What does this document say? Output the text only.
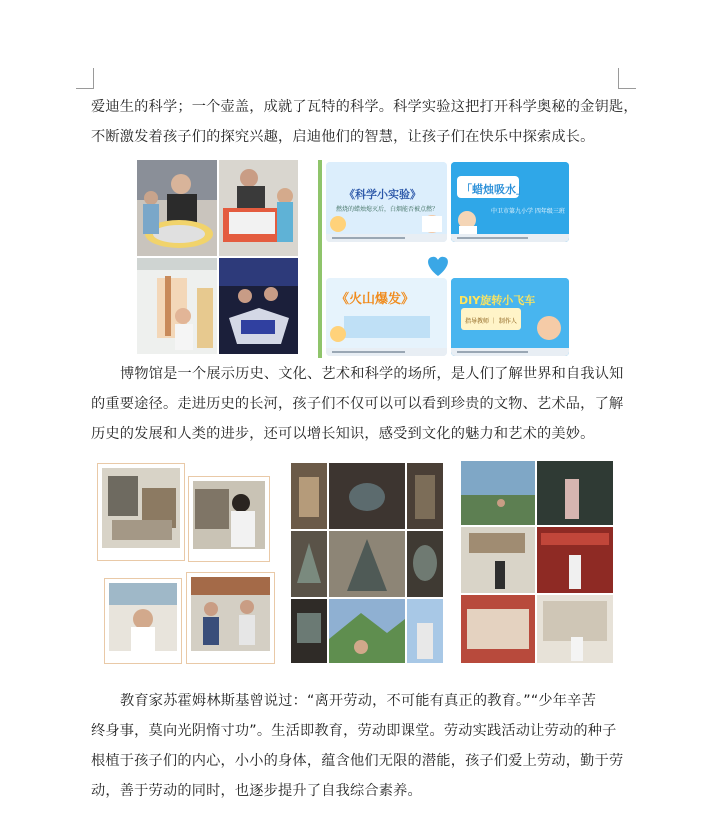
爱迪生的科学；一个壶盖，成就了瓦特的科学。科学实验这把打开科学奥秘的金钥匙，
不断激发着孩子们的探究兴趣，启迪他们的智慧，让孩子们在快乐中探索成长。
《科学小实验》
燃烧的蜡烛熄灭后，白烟能否被点燃？
「蜡烛吸水」
中卫市第九小学 四年级三班
《火山爆发》	DIY旋转小飞车
指导教师 ｜ 制作人
博物馆是一个展示历史、文化、艺术和科学的场所，是人们了解世界和自我认知
的重要途径。走进历史的长河，孩子们不仅可以可以看到珍贵的文物、艺术品，了解
历史的发展和人类的进步，还可以增长知识，感受到文化的魅力和艺术的美妙。
教育家苏霍姆林斯基曾说过：“离开劳动，不可能有真正的教育。”“少年辛苦
终身事，莫向光阴惰寸功”。生活即教育，劳动即课堂。劳动实践活动让劳动的种子
根植于孩子们的内心，小小的身体，蕴含他们无限的潜能，孩子们爱上劳动，勤于劳
动，善于劳动的同时，也逐步提升了自我综合素养。
